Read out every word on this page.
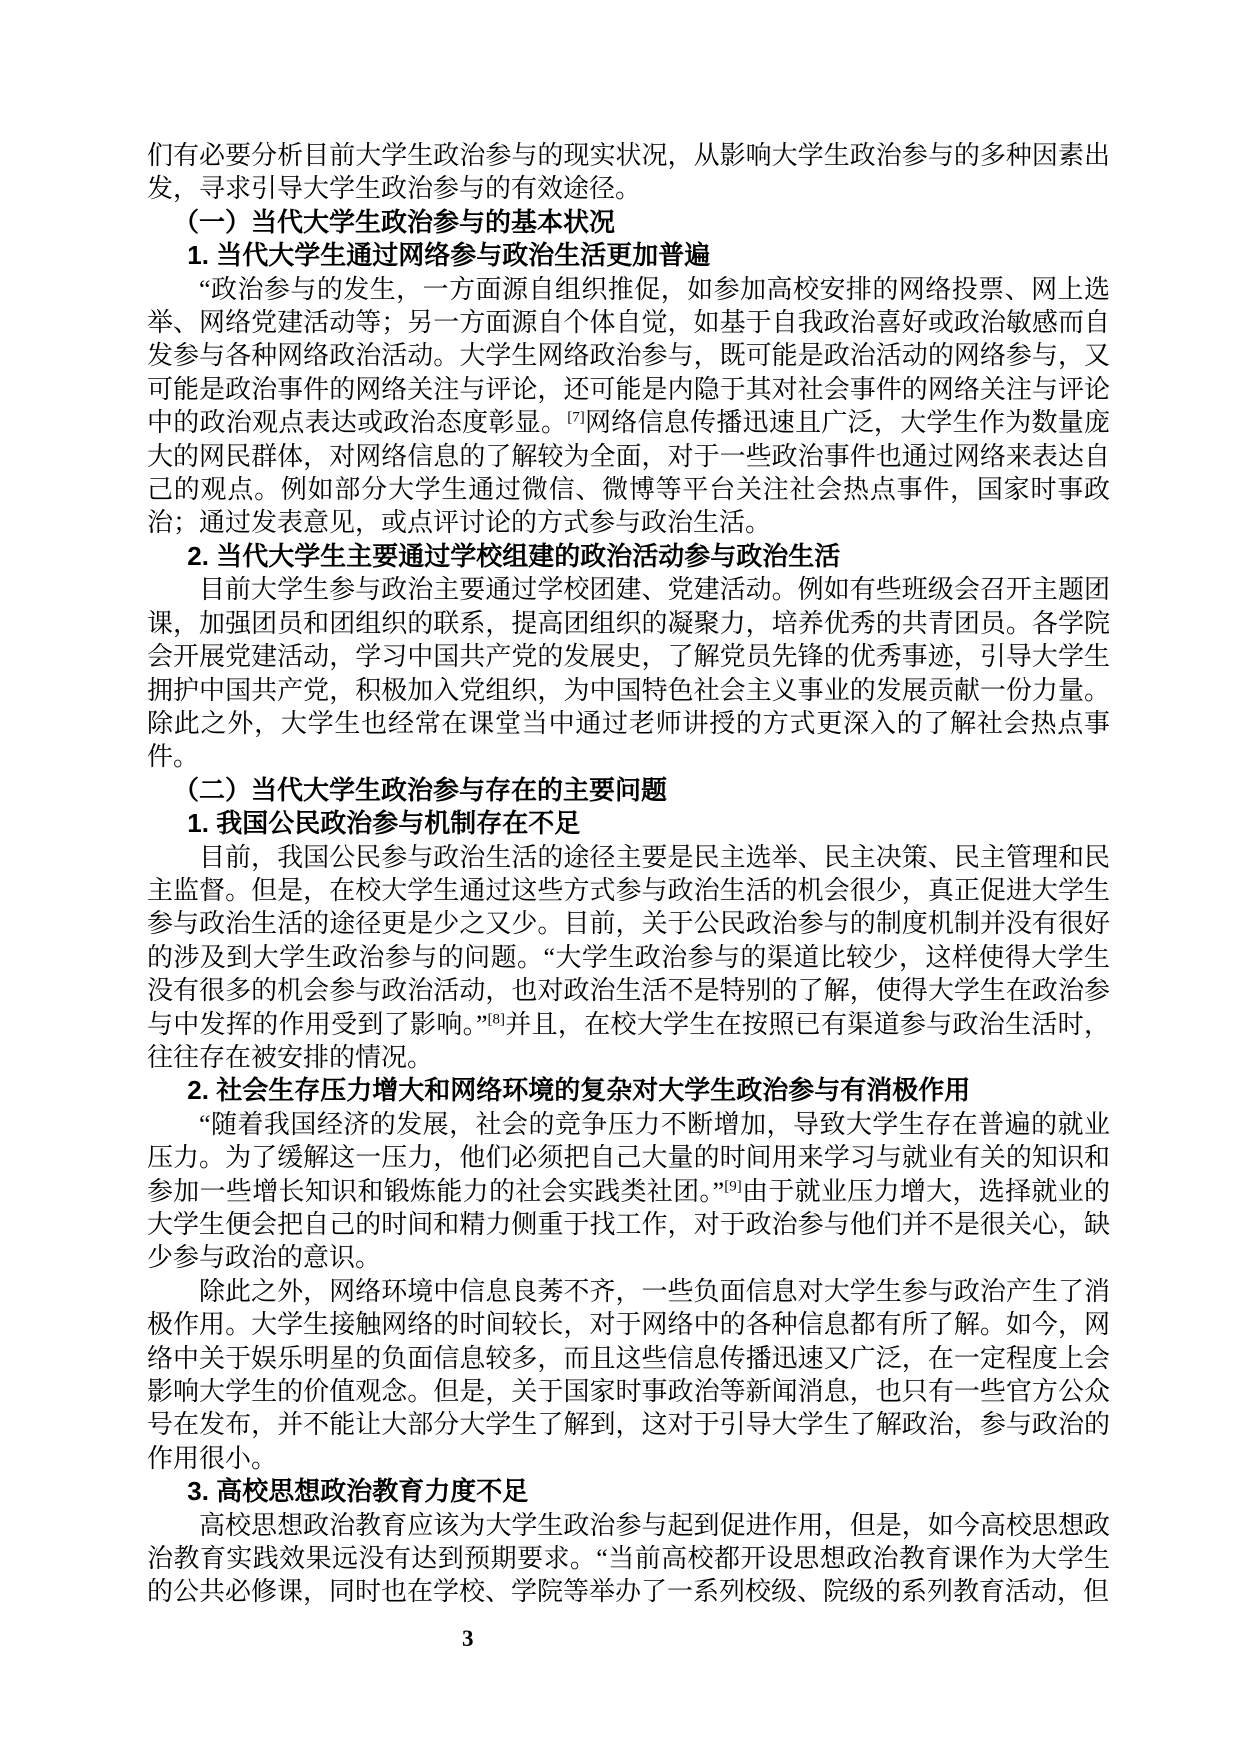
们有必要分析目前大学生政治参与的现实状况，从影响大学生政治参与的多种因素出发，寻求引导大学生政治参与的有效途径。

（一）当代大学生政治参与的基本状况

1. 当代大学生通过网络参与政治生活更加普遍

“政治参与的发生，一方面源自组织推促，如参加高校安排的网络投票、网上选举、网络党建活动等；另一方面源自个体自觉，如基于自我政治喜好或政治敏感而自发参与各种网络政治活动。大学生网络政治参与，既可能是政治活动的网络参与，又可能是政治事件的网络关注与评论，还可能是内隐于其对社会事件的网络关注与评论中的政治观点表达或政治态度彰显。[7]网络信息传播迅速且广泛，大学生作为数量庞大的网民群体，对网络信息的了解较为全面，对于一些政治事件也通过网络来表达自己的观点。例如部分大学生通过微信、微博等平台关注社会热点事件，国家时事政治；通过发表意见，或点评讨论的方式参与政治生活。

2. 当代大学生主要通过学校组建的政治活动参与政治生活

目前大学生参与政治主要通过学校团建、党建活动。例如有些班级会召开主题团课，加强团员和团组织的联系，提高团组织的凝聚力，培养优秀的共青团员。各学院会开展党建活动，学习中国共产党的发展史，了解党员先锋的优秀事迹，引导大学生拥护中国共产党，积极加入党组织，为中国特色社会主义事业的发展贡献一份力量。除此之外，大学生也经常在课堂当中通过老师讲授的方式更深入的了解社会热点事件。

（二）当代大学生政治参与存在的主要问题

1. 我国公民政治参与机制存在不足

目前，我国公民参与政治生活的途径主要是民主选举、民主决策、民主管理和民主监督。但是，在校大学生通过这些方式参与政治生活的机会很少，真正促进大学生参与政治生活的途径更是少之又少。目前，关于公民政治参与的制度机制并没有很好的涉及到大学生政治参与的问题。“大学生政治参与的渠道比较少，这样使得大学生没有很多的机会参与政治活动，也对政治生活不是特别的了解，使得大学生在政治参与中发挥的作用受到了影响。”[8]并且，在校大学生在按照已有渠道参与政治生活时，往往存在被安排的情况。

2. 社会生存压力增大和网络环境的复杂对大学生政治参与有消极作用

“随着我国经济的发展，社会的竞争压力不断增加，导致大学生存在普遍的就业压力。为了缓解这一压力，他们必须把自己大量的时间用来学习与就业有关的知识和参加一些增长知识和锻炼能力的社会实践类社团。”[9]由于就业压力增大，选择就业的大学生便会把自己的时间和精力侧重于找工作，对于政治参与他们并不是很关心，缺少参与政治的意识。

除此之外，网络环境中信息良莠不齐，一些负面信息对大学生参与政治产生了消极作用。大学生接触网络的时间较长，对于网络中的各种信息都有所了解。如今，网络中关于娱乐明星的负面信息较多，而且这些信息传播迅速又广泛，在一定程度上会影响大学生的价值观念。但是，关于国家时事政治等新闻消息，也只有一些官方公众号在发布，并不能让大部分大学生了解到，这对于引导大学生了解政治，参与政治的作用很小。

3. 高校思想政治教育力度不足

高校思想政治教育应该为大学生政治参与起到促进作用，但是，如今高校思想政治教育实践效果远没有达到预期要求。“当前高校都开设思想政治教育课作为大学生的公共必修课，同时也在学校、学院等举办了一系列校级、院级的系列教育活动，但

3
